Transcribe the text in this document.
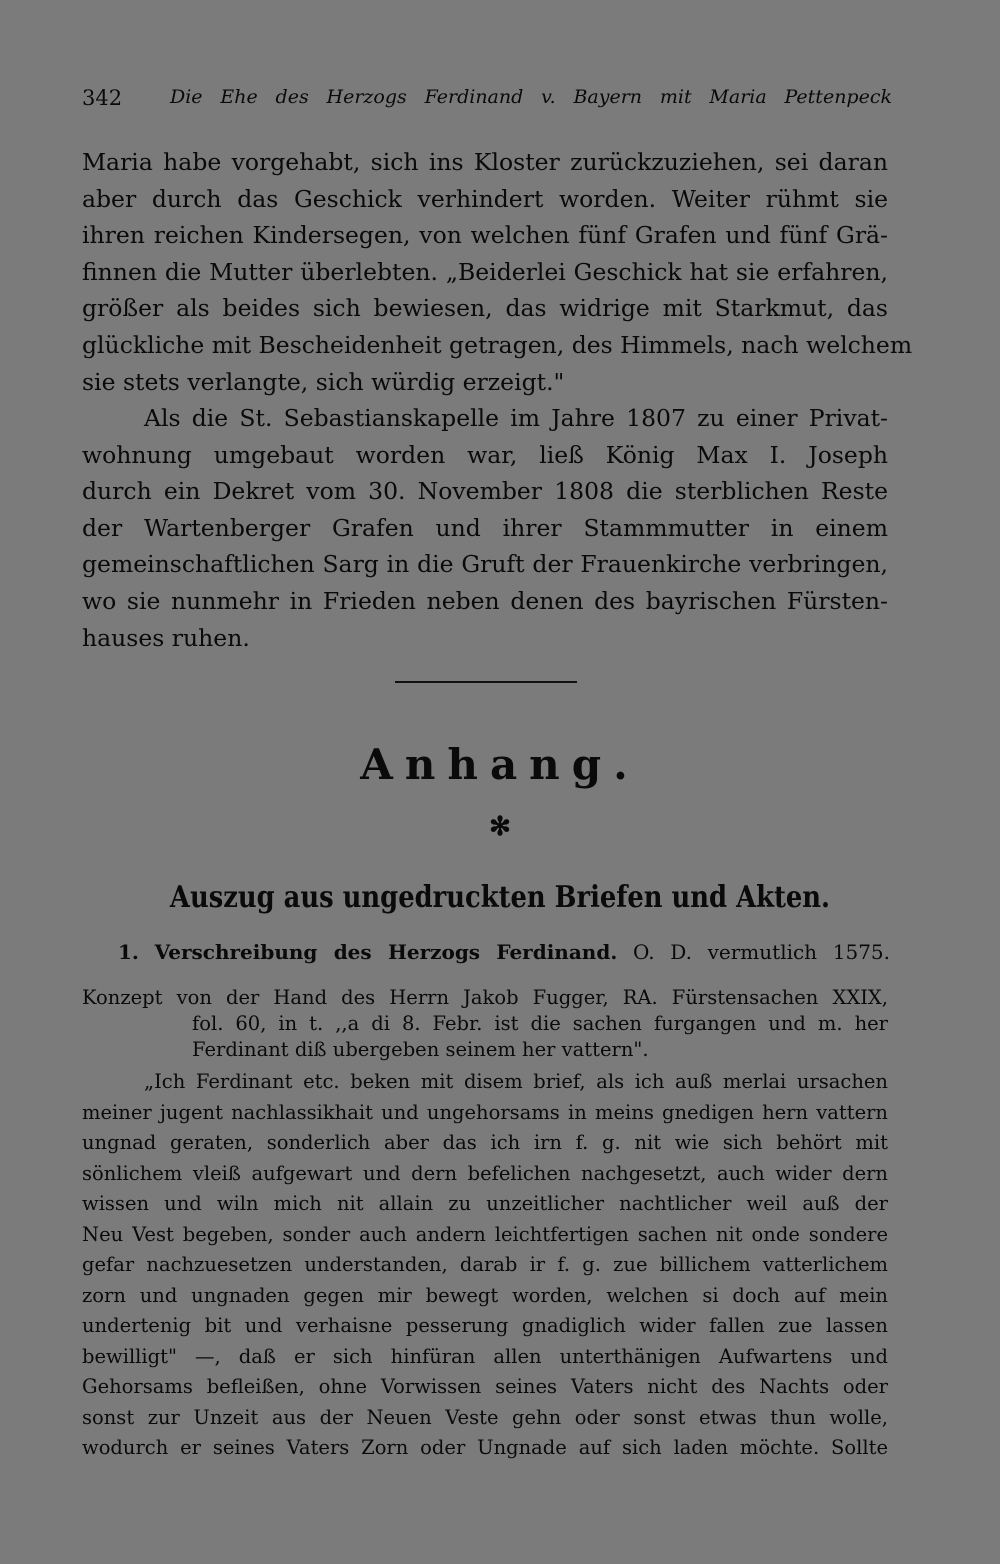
342	Die Ehe des Herzogs Ferdinand v. Bayern mit Maria Pettenpeck
Maria habe vorgehabt, sich ins Kloster zurückzuziehen, sei daran
aber durch das Geschick verhindert worden. Weiter rühmt sie
ihren reichen Kindersegen, von welchen fünf Grafen und fünf Grä-
finnen die Mutter überlebten. „Beiderlei Geschick hat sie erfahren,
größer als beides sich bewiesen, das widrige mit Starkmut, das
glückliche mit Bescheidenheit getragen, des Himmels, nach welchem
sie stets verlangte, sich würdig erzeigt."
Als die St. Sebastianskapelle im Jahre 1807 zu einer Privat-
wohnung umgebaut worden war, ließ König Max I. Joseph
durch ein Dekret vom 30. November 1808 die sterblichen Reste
der Wartenberger Grafen und ihrer Stammmutter in einem
gemeinschaftlichen Sarg in die Gruft der Frauenkirche verbringen,
wo sie nunmehr in Frieden neben denen des bayrischen Fürsten-
hauses ruhen.
Anhang.
✻
Auszug aus ungedruckten Briefen und Akten.
1. Verschreibung des Herzogs Ferdinand. O. D. vermutlich 1575.
Konzept von der Hand des Herrn Jakob Fugger, RA. Fürstensachen XXIX,
fol. 60, in t. ,,a di 8. Febr. ist die sachen furgangen und m. her
Ferdinant diß ubergeben seinem her vattern".
„Ich Ferdinant etc. beken mit disem brief, als ich auß merlai ursachen
meiner jugent nachlassikhait und ungehorsams in meins gnedigen hern vattern
ungnad geraten, sonderlich aber das ich irn f. g. nit wie sich behört mit
sönlichem vleiß aufgewart und dern befelichen nachgesetzt, auch wider dern
wissen und wiln mich nit allain zu unzeitlicher nachtlicher weil auß der
Neu Vest begeben, sonder auch andern leichtfertigen sachen nit onde sondere
gefar nachzuesetzen understanden, darab ir f. g. zue billichem vatterlichem
zorn und ungnaden gegen mir bewegt worden, welchen si doch auf mein
undertenig bit und verhaisne pesserung gnadiglich wider fallen zue lassen
bewilligt" —, daß er sich hinfüran allen unterthänigen Aufwartens und
Gehorsams befleißen, ohne Vorwissen seines Vaters nicht des Nachts oder
sonst zur Unzeit aus der Neuen Veste gehn oder sonst etwas thun wolle,
wodurch er seines Vaters Zorn oder Ungnade auf sich laden möchte. Sollte
